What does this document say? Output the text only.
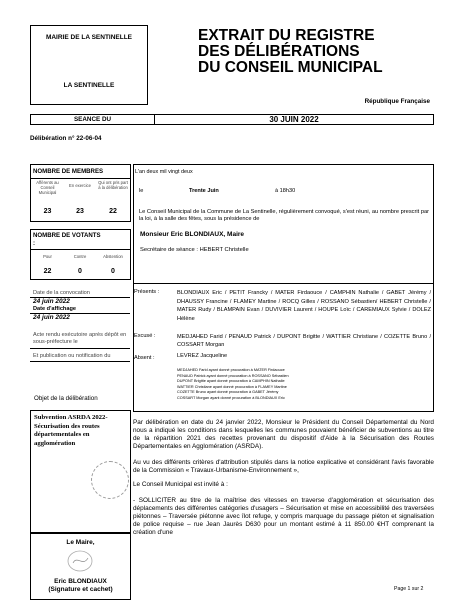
MAIRIE DE LA SENTINELLE
LA SENTINELLE
EXTRAIT DU REGISTRE
DES DÉLIBÉRATIONS
DU CONSEIL MUNICIPAL
République Française
SEANCE DU	30 JUIN 2022
Délibération n° 22-06-04
NOMBRE DE MEMBRES
Afférents au Conseil Municipal
En exercice
Qui ont pris part à la délibération
23	23	22
NOMBRE DE VOTANTS :
Pour	Contre	Abstention
22	0	0
Date de la convocation
24 juin 2022
Date d'affichage
24 juin 2022
Acte rendu exécutoire après dépôt en sous-préfecture le
Et publication ou notification du
Objet de la délibération
Subvention ASRDA 2022- Sécurisation des routes départementales en agglomération
Le Maire,
Eric BLONDIAUX
(Signature et cachet)
L'an deux mil vingt deux
le	Trente Juin	à 18h30
Le Conseil Municipal de la Commune de La Sentinelle, régulièrement convoqué, s'est réuni, au nombre prescrit par la loi, à la salle des fêtes, sous la présidence de
Monsieur Eric BLONDIAUX, Maire
Secrétaire de séance : HEBERT Christelle
Présents :	BLONDIAUX Eric / PETIT Francky / MATER Firdaouce / CAMPHIN Nathalie / GABET Jérémy / DHAUSSY Francine / FLAMEY Martine / ROCQ Gilles / ROSSANO Sébastien/ HEBERT Christelle / MATER Rudy / BLAMPAIN Evan / DUVIVIER Laurent / HOUPE Loïc / CAREMIAUX Sylvie / DOLEZ Hélène
Excusé :	MEDJAHED Farid / PENAUD Patrick / DUPONT Brigitte / WATTIER Christiane / COZETTE Bruno / COSSART Morgan
Absent :	LEVREZ Jacqueline
MEDJAHED Farid ayant donné procuration à MATER Firdaouce
PENAUD Patrick ayant donné procuration à ROSSANO Sébastien
DUPONT Brigitte ayant donné procuration à CAMPHIN Nathalie
WATTIER Christiane ayant donné procuration à FLAMEY Martine
COZETTE Bruno ayant donné procuration à GABET Jérémy
COSSART Morgan ayant donné procuration à BLONDIAUX Eric
Par délibération en date du 24 janvier 2022, Monsieur le Président du Conseil Départemental du Nord nous a indiqué les conditions dans lesquelles les communes pouvaient bénéficier de subventions au titre de la répartition 2021 des recettes provenant du dispositif d'Aide à la Sécurisation des Routes Départementales en Agglomération (ASRDA).
Au vu des différents critères d'attribution stipulés dans la notice explicative et considérant l'avis favorable de la Commission « Travaux-Urbanisme-Environnement »,
Le Conseil Municipal est invité à :
- SOLLICITER au titre de la maîtrise des vitesses en traverse d'agglomération et sécurisation des déplacements des différentes catégories d'usagers – Sécurisation et mise en accessibilité des traversées piétonnes – Traversée piétonne avec îlot refuge, y compris marquage du passage piéton et signalisation de police requise – rue Jean Jaurès D630 pour un montant estimé à 11 850.00 €HT comprenant la création d'une
Page 1 sur 2
